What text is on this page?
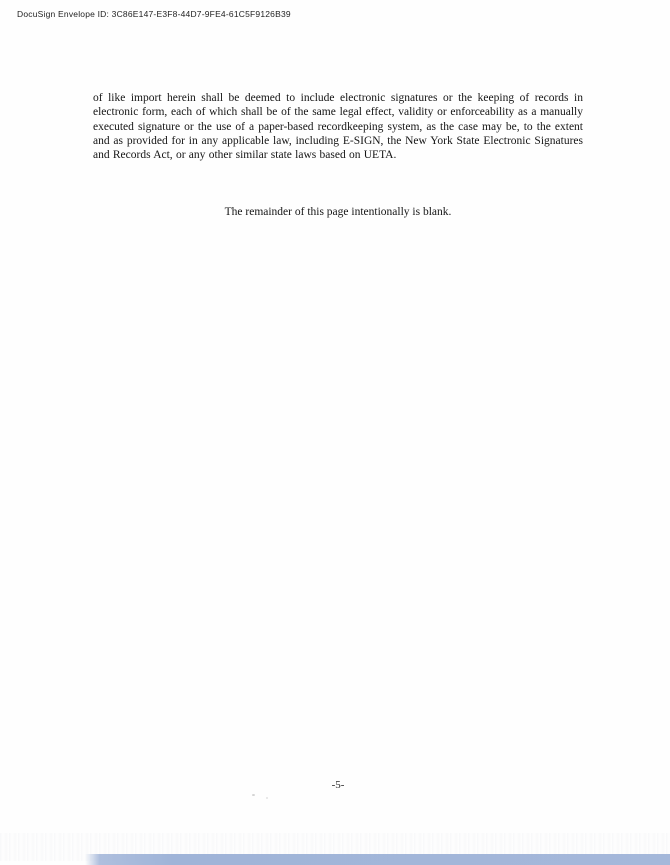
DocuSign Envelope ID: 3C86E147-E3F8-44D7-9FE4-61C5F9126B39

of like import herein shall be deemed to include electronic signatures or the keeping of records in electronic form, each of which shall be of the same legal effect, validity or enforceability as a manually executed signature or the use of a paper-based recordkeeping system, as the case may be, to the extent and as provided for in any applicable law, including E-SIGN, the New York State Electronic Signatures and Records Act, or any other similar state laws based on UETA.

The remainder of this page intentionally is blank.

-5-
